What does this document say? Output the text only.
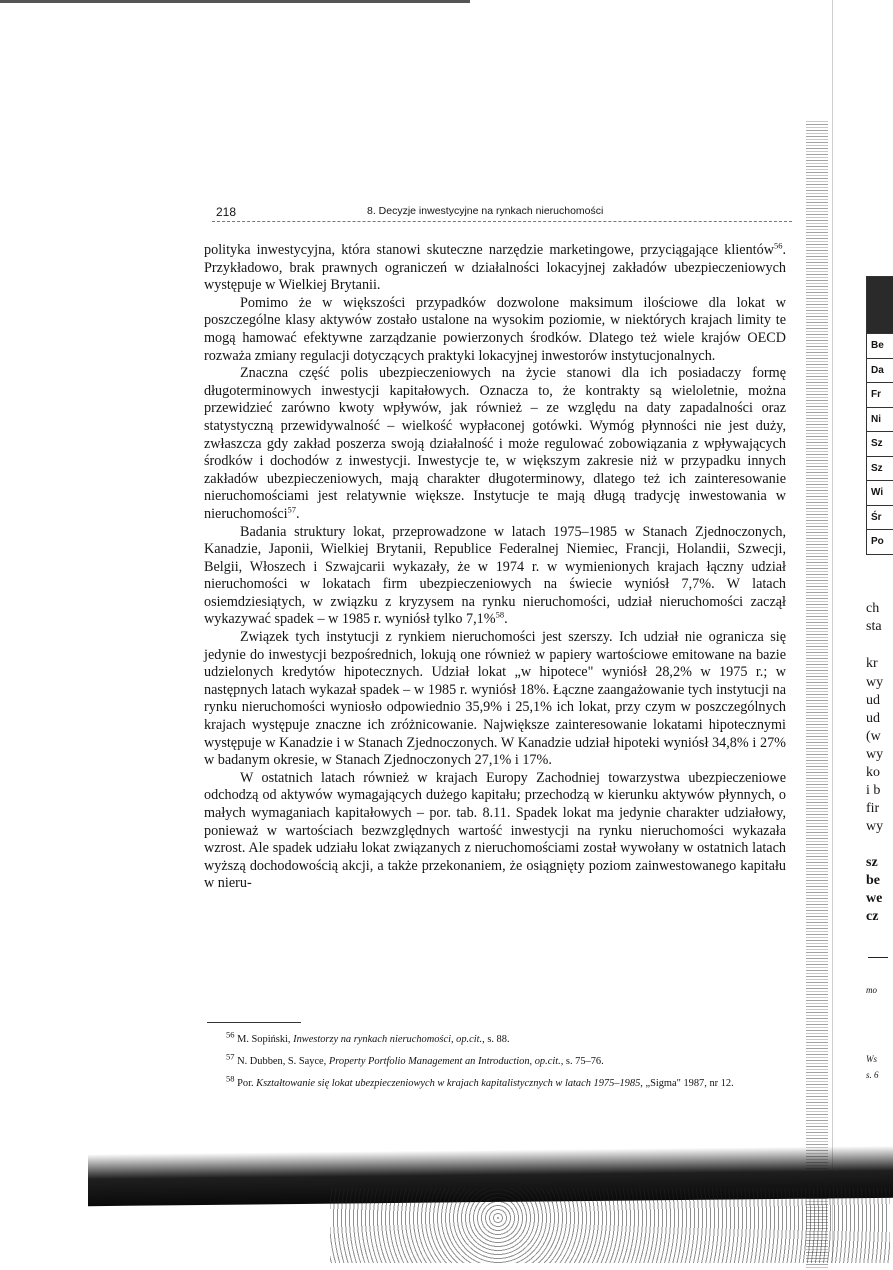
218	8. Decyzje inwestycyjne na rynkach nieruchomości

polityka inwestycyjna, która stanowi skuteczne narzędzie marketingowe, przyciągające klientów$^{56}$. Przykładowo, brak prawnych ograniczeń w działalności lokacyjnej zakładów ubezpieczeniowych występuje w Wielkiej Brytanii.

Pomimo że w większości przypadków dozwolone maksimum ilościowe dla lokat w poszczególne klasy aktywów zostało ustalone na wysokim poziomie, w niektórych krajach limity te mogą hamować efektywne zarządzanie powierzonych środków. Dlatego też wiele krajów OECD rozważa zmiany regulacji dotyczących praktyki lokacyjnej inwestorów instytucjonalnych.

Znaczna część polis ubezpieczeniowych na życie stanowi dla ich posiadaczy formę długoterminowych inwestycji kapitałowych. Oznacza to, że kontrakty są wieloletnie, można przewidzieć zarówno kwoty wpływów, jak również – ze względu na daty zapadalności oraz statystyczną przewidywalność – wielkość wypłaconej gotówki. Wymóg płynności nie jest duży, zwłaszcza gdy zakład poszerza swoją działalność i może regulować zobowiązania z wpływających środków i dochodów z inwestycji. Inwestycje te, w większym zakresie niż w przypadku innych zakładów ubezpieczeniowych, mają charakter długoterminowy, dlatego też ich zainteresowanie nieruchomościami jest relatywnie większe. Instytucje te mają długą tradycję inwestowania w nieruchomości$^{57}$.

Badania struktury lokat, przeprowadzone w latach 1975–1985 w Stanach Zjednoczonych, Kanadzie, Japonii, Wielkiej Brytanii, Republice Federalnej Niemiec, Francji, Holandii, Szwecji, Belgii, Włoszech i Szwajcarii wykazały, że w 1974 r. w wymienionych krajach łączny udział nieruchomości w lokatach firm ubezpieczeniowych na świecie wyniósł 7,7%. W latach osiemdziesiątych, w związku z kryzysem na rynku nieruchomości, udział nieruchomości zaczął wykazywać spadek – w 1985 r. wyniósł tylko 7,1%$^{58}$.

Związek tych instytucji z rynkiem nieruchomości jest szerszy. Ich udział nie ogranicza się jedynie do inwestycji bezpośrednich, lokują one również w papiery wartościowe emitowane na bazie udzielonych kredytów hipotecznych. Udział lokat „w hipotece" wyniósł 28,2% w 1975 r.; w następnych latach wykazał spadek – w 1985 r. wyniósł 18%. Łączne zaangażowanie tych instytucji na rynku nieruchomości wyniosło odpowiednio 35,9% i 25,1% ich lokat, przy czym w poszczególnych krajach występuje znaczne ich zróżnicowanie. Największe zainteresowanie lokatami hipotecznymi występuje w Kanadzie i w Stanach Zjednoczonych. W Kanadzie udział hipoteki wyniósł 34,8% i 27% w badanym okresie, w Stanach Zjednoczonych 27,1% i 17%.

W ostatnich latach również w krajach Europy Zachodniej towarzystwa ubezpieczeniowe odchodzą od aktywów wymagających dużego kapitału; przechodzą w kierunku aktywów płynnych, o małych wymaganiach kapitałowych – por. tab. 8.11. Spadek lokat ma jedynie charakter udziałowy, ponieważ w wartościach bezwzględnych wartość inwestycji na rynku nieruchomości wykazała wzrost. Ale spadek udziału lokat związanych z nieruchomościami został wywołany w ostatnich latach wyższą dochodowością akcji, a także przekonaniem, że osiągnięty poziom zainwestowanego kapitału w nieru-

$^{56}$ M. Sopiński, Inwestorzy na rynkach nieruchomości, op.cit., s. 88.

$^{57}$ N. Dubben, S. Sayce, Property Portfolio Management an Introduction, op.cit., s. 75–76.

$^{58}$ Por. Kształtowanie się lokat ubezpieczeniowych w krajach kapitalistycznych w latach 1975–1985, „Sigma" 1987, nr 12.

Be
Da
Fr
Ni
Sz
Sz
Wi
Śr
Po
ch
sta
kr
wy
ud
ud
(w
wy
ko
i b
fir
wy
sz
be
we
cz
mo
Ws
s. 6
